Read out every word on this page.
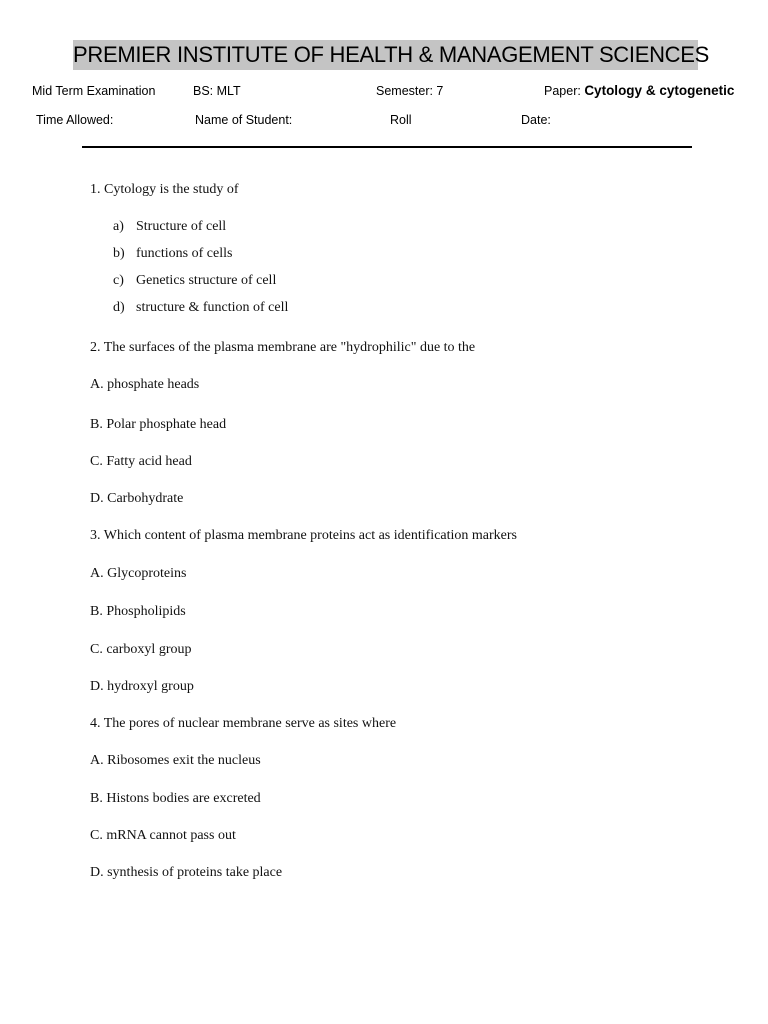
PREMIER INSTITUTE OF HEALTH & MANAGEMENT SCIENCES
Mid Term Examination	BS: MLT	Semester: 7	Paper: Cytology & cytogenetic
Time Allowed:	Name of Student:	Roll	Date:
1. Cytology is the study of
a) Structure of cell
b) functions of cells
c) Genetics structure of cell
d) structure & function of cell
2. The surfaces of the plasma membrane are "hydrophilic" due to the
A. phosphate heads
B. Polar phosphate head
C. Fatty acid head
D. Carbohydrate
3. Which content of plasma membrane proteins act as identification markers
A. Glycoproteins
B. Phospholipids
C. carboxyl group
D. hydroxyl group
4. The pores of nuclear membrane serve as sites where
A. Ribosomes exit the nucleus
B. Histons bodies are excreted
C. mRNA cannot pass out
D. synthesis of proteins take place
